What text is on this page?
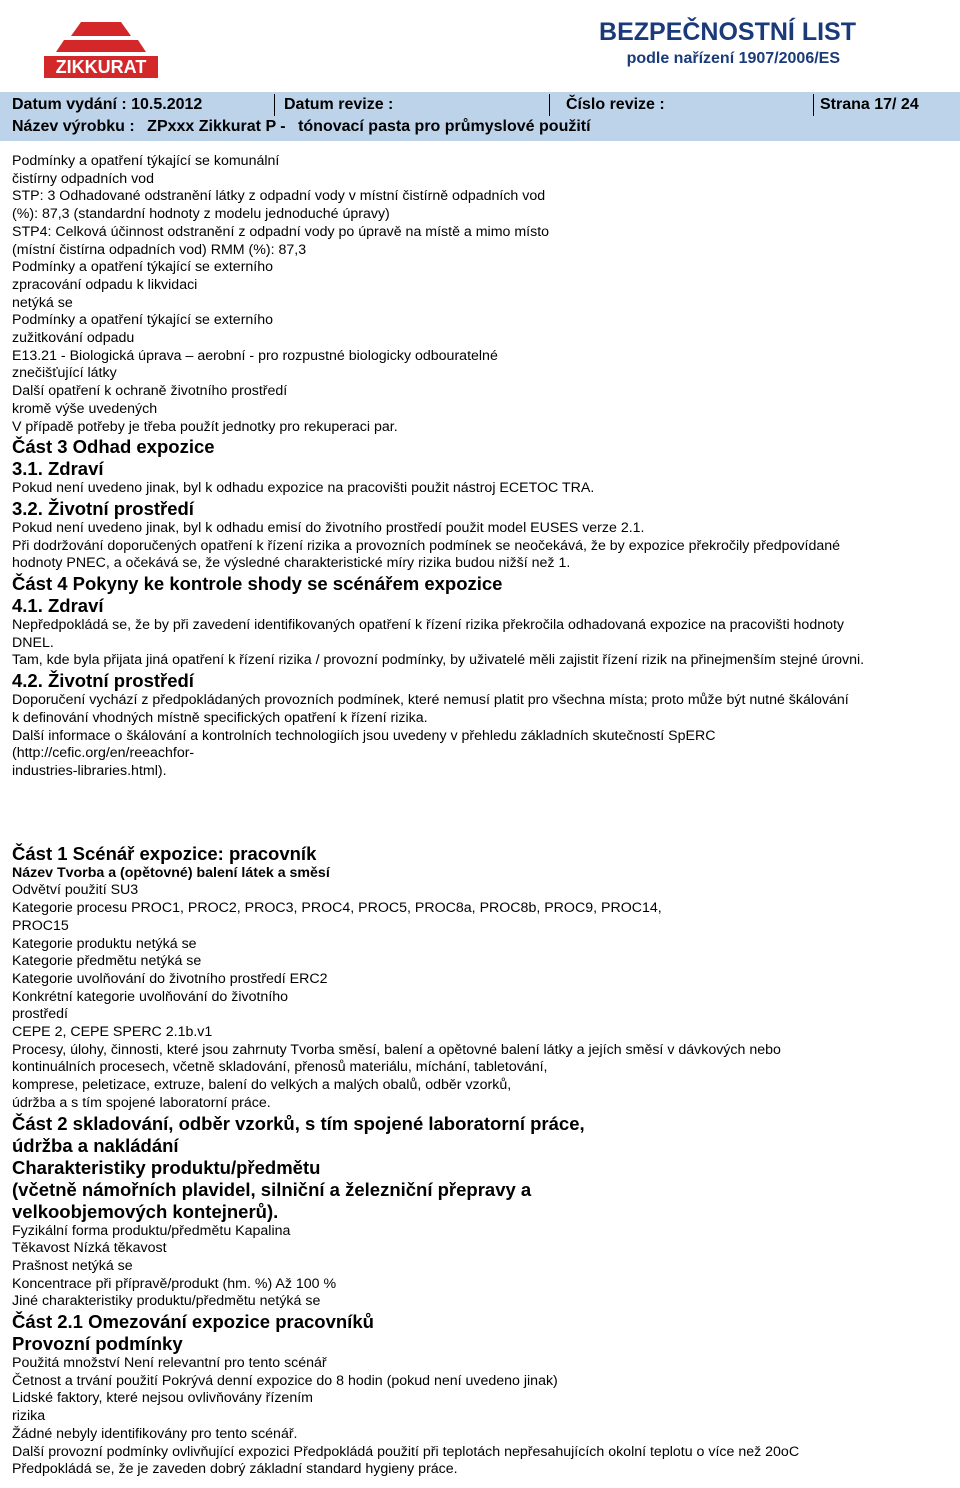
ZIKKURAT
BEZPEČNOSTNÍ LIST
podle nařízení 1907/2006/ES
Datum vydání : 10.5.2012	Datum revize :	Číslo revize :	Strana 17/ 24
Název výrobku : ZPxxx Zikkurat P - tónovací pasta pro průmyslové použití
Podmínky a opatření týkající se komunální
čistírny odpadních vod
STP: 3 Odhadované odstranění látky z odpadní vody v místní čistírně odpadních vod
(%): 87,3 (standardní hodnoty z modelu jednoduché úpravy)
STP4: Celková účinnost odstranění z odpadní vody po úpravě na místě a mimo místo
(místní čistírna odpadních vod) RMM (%): 87,3
Podmínky a opatření týkající se externího
zpracování odpadu k likvidaci
netýká se
Podmínky a opatření týkající se externího
zužitkování odpadu
E13.21 - Biologická úprava – aerobní - pro rozpustné biologicky odbouratelné
znečišťující látky
Další opatření k ochraně životního prostředí
kromě výše uvedených
V případě potřeby je třeba použít jednotky pro rekuperaci par.
Část 3 Odhad expozice
3.1. Zdraví
Pokud není uvedeno jinak, byl k odhadu expozice na pracovišti použit nástroj ECETOC TRA.
3.2. Životní prostředí
Pokud není uvedeno jinak, byl k odhadu emisí do životního prostředí použit model EUSES verze 2.1.
Při dodržování doporučených opatření k řízení rizika a provozních podmínek se neočekává, že by expozice překročily předpovídané
hodnoty PNEC, a očekává se, že výsledné charakteristické míry rizika budou nižší než 1.
Část 4 Pokyny ke kontrole shody se scénářem expozice
4.1. Zdraví
Nepředpokládá se, že by při zavedení identifikovaných opatření k řízení rizika překročila odhadovaná expozice na pracovišti hodnoty
DNEL.
Tam, kde byla přijata jiná opatření k řízení rizika / provozní podmínky, by uživatelé měli zajistit řízení rizik na přinejmenším stejné úrovni.
4.2. Životní prostředí
Doporučení vychází z předpokládaných provozních podmínek, které nemusí platit pro všechna místa; proto může být nutné škálování
k definování vhodných místně specifických opatření k řízení rizika.
Další informace o škálování a kontrolních technologiích jsou uvedeny v přehledu základních skutečností SpERC
(http://cefic.org/en/reeachfor-
industries-libraries.html).
Část 1 Scénář expozice: pracovník
Název Tvorba a (opětovné) balení látek a směsí
Odvětví použití SU3
Kategorie procesu PROC1, PROC2, PROC3, PROC4, PROC5, PROC8a, PROC8b, PROC9, PROC14,
PROC15
Kategorie produktu netýká se
Kategorie předmětu netýká se
Kategorie uvolňování do životního prostředí ERC2
Konkrétní kategorie uvolňování do životního
prostředí
CEPE 2, CEPE SPERC 2.1b.v1
Procesy, úlohy, činnosti, které jsou zahrnuty Tvorba směsí, balení a opětovné balení látky a jejích směsí v dávkových nebo
kontinuálních procesech, včetně skladování, přenosů materiálu, míchání, tabletování,
komprese, peletizace, extruze, balení do velkých a malých obalů, odběr vzorků,
údržba a s tím spojené laboratorní práce.
Část 2 skladování, odběr vzorků, s tím spojené laboratorní práce,
údržba a nakládání
Charakteristiky produktu/předmětu
(včetně námořních plavidel, silniční a železniční přepravy a
velkoobjemových kontejnerů).
Fyzikální forma produktu/předmětu Kapalina
Těkavost Nízká těkavost
Prašnost netýká se
Koncentrace při přípravě/produkt (hm. %) Až 100 %
Jiné charakteristiky produktu/předmětu netýká se
Část 2.1 Omezování expozice pracovníků
Provozní podmínky
Použitá množství Není relevantní pro tento scénář
Četnost a trvání použití Pokrývá denní expozice do 8 hodin (pokud není uvedeno jinak)
Lidské faktory, které nejsou ovlivňovány řízením
rizika
Žádné nebyly identifikovány pro tento scénář.
Další provozní podmínky ovlivňující expozici Předpokládá použití při teplotách nepřesahujících okolní teplotu o více než 20oC
Předpokládá se, že je zaveden dobrý základní standard hygieny práce.
